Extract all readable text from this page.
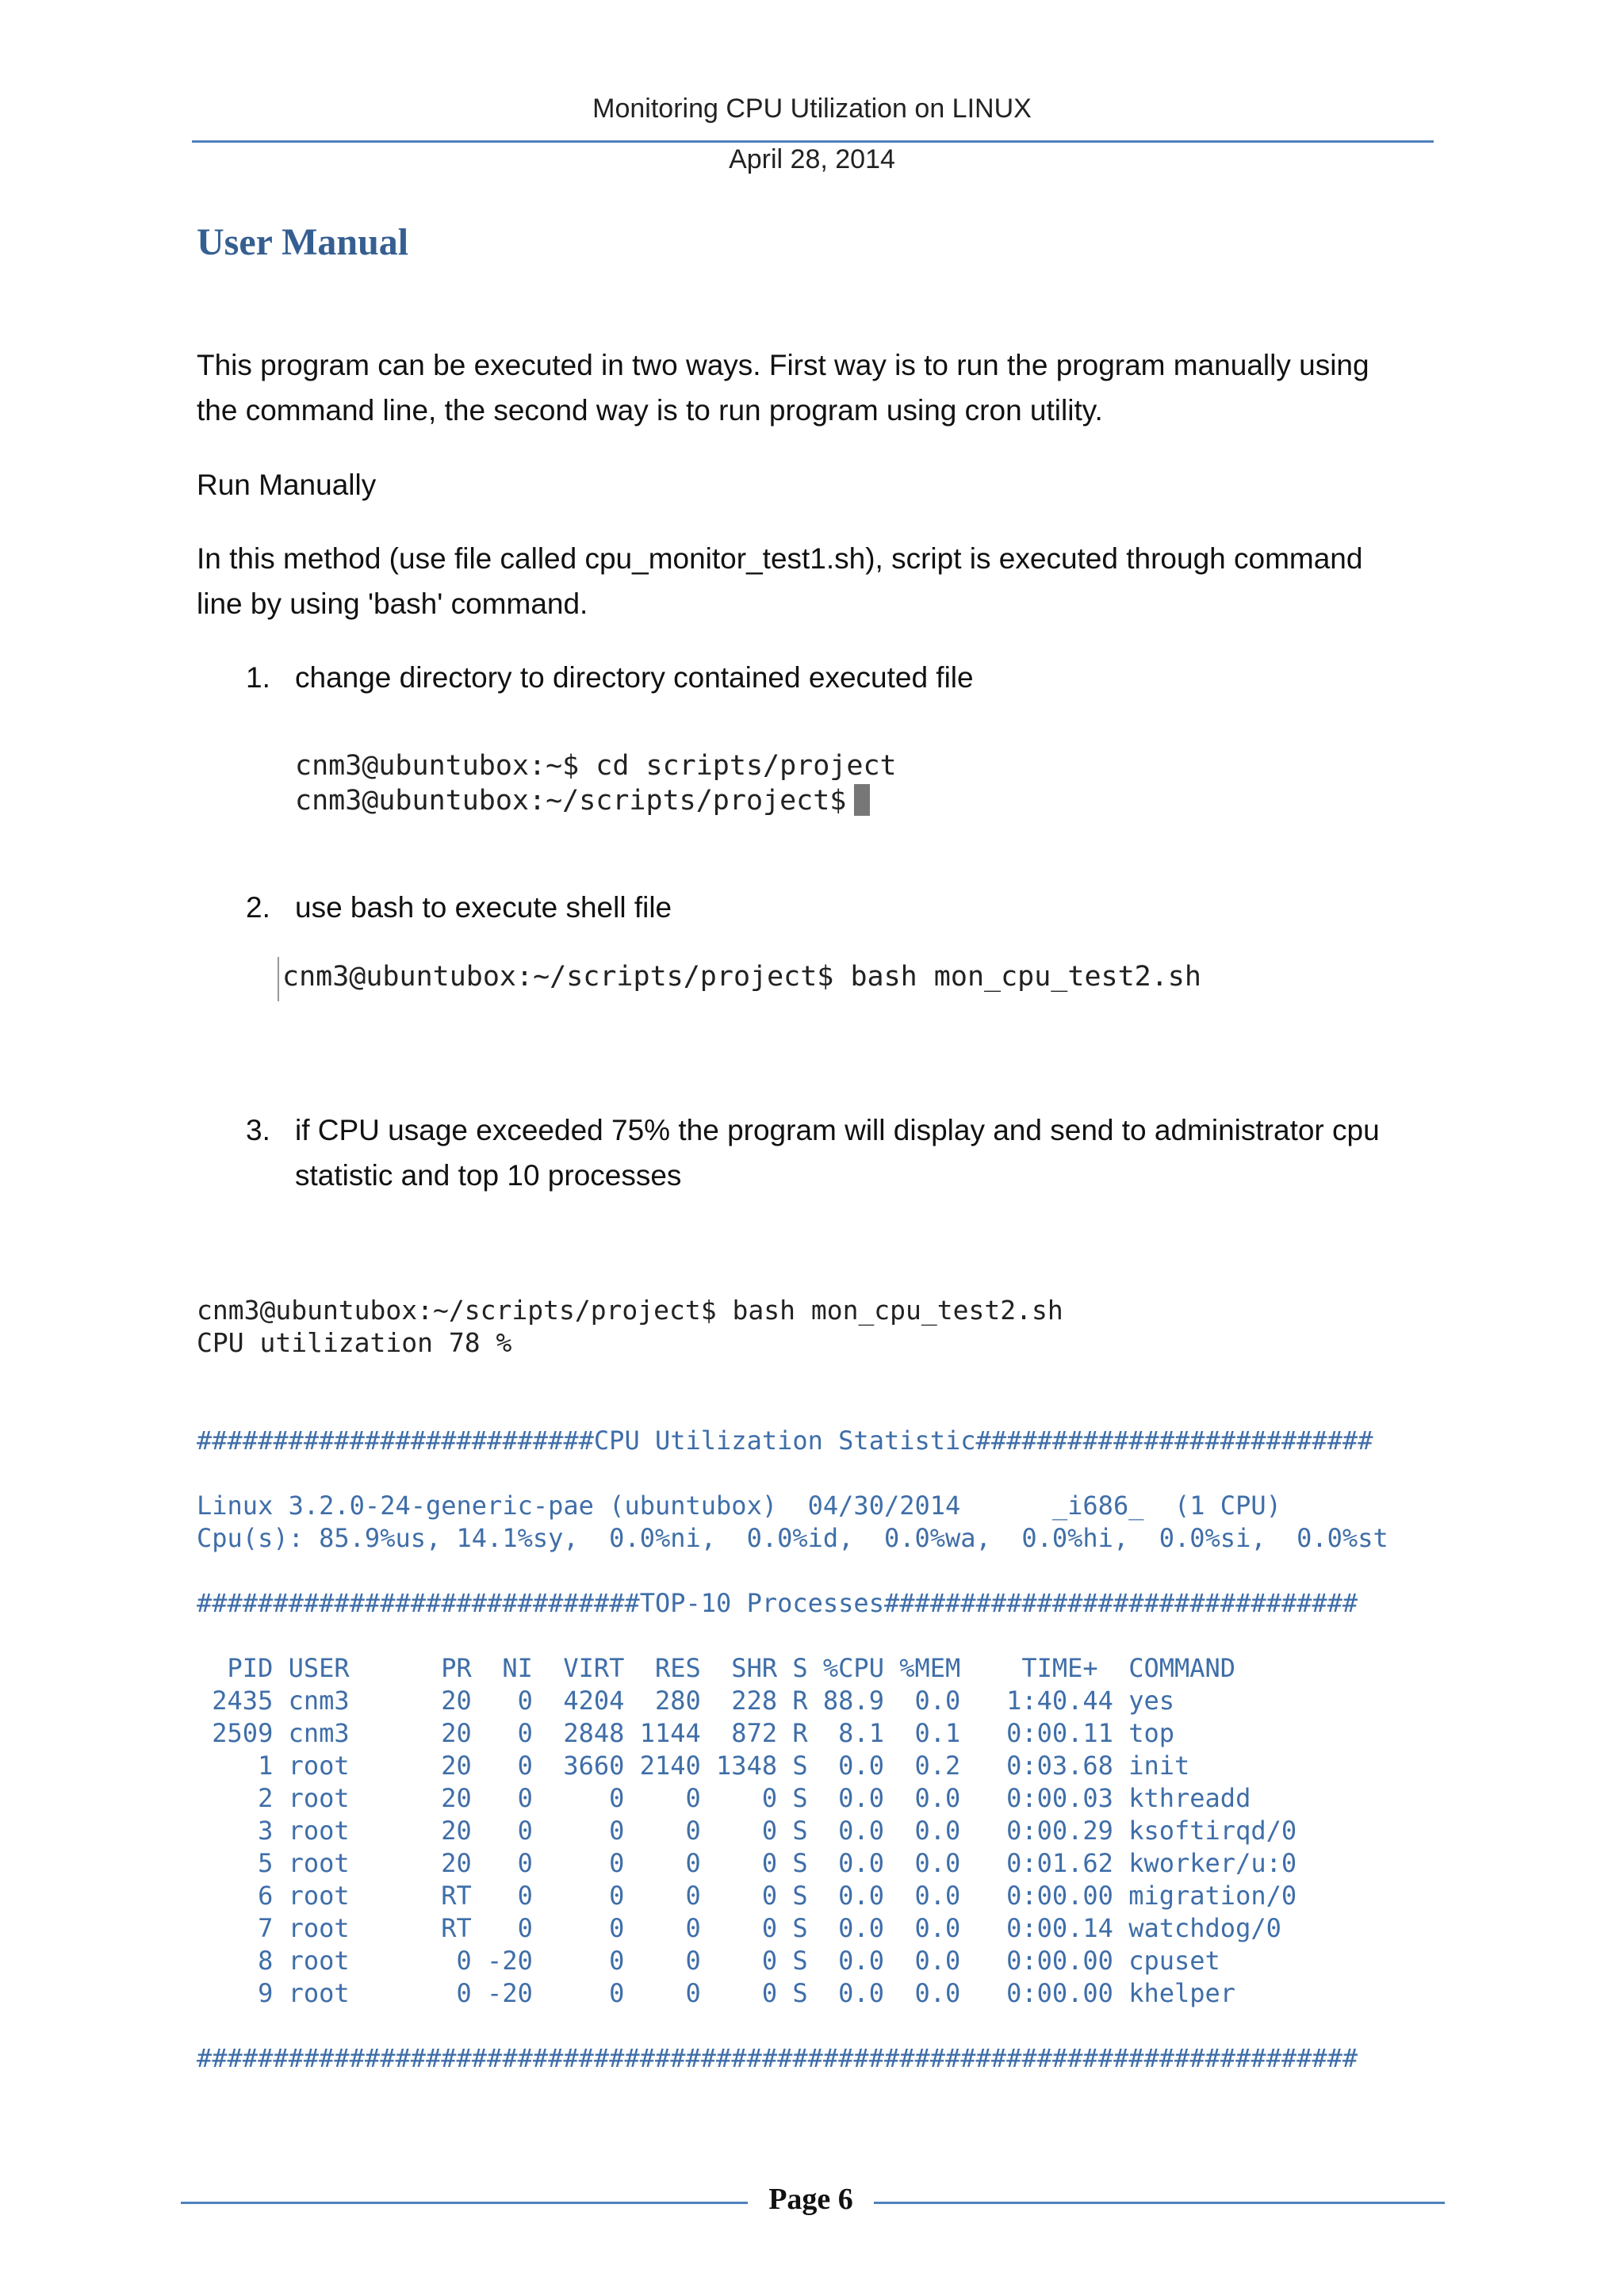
Monitoring CPU Utilization on LINUX
April 28, 2014
User Manual
This program can be executed in two ways. First way is to run the program manually using
the command line, the second way is to run program using cron utility.
Run Manually
In this method (use file called cpu_monitor_test1.sh), script is executed through command
line by using 'bash' command.
1. change directory to directory contained executed file
cnm3@ubuntubox:~$ cd scripts/project
cnm3@ubuntubox:~/scripts/project$
2. use bash to execute shell file
cnm3@ubuntubox:~/scripts/project$ bash mon_cpu_test2.sh
3. if CPU usage exceeded 75% the program will display and send to administrator cpu
statistic and top 10 processes
cnm3@ubuntubox:~/scripts/project$ bash mon_cpu_test2.sh
CPU utilization 78 %
##########################CPU Utilization Statistic##########################
Linux 3.2.0-24-generic-pae (ubuntubox)  04/30/2014      _i686_  (1 CPU)
Cpu(s): 85.9%us, 14.1%sy,  0.0%ni,  0.0%id,  0.0%wa,  0.0%hi,  0.0%si,  0.0%st
#############################TOP-10 Processes###############################
PID USER      PR  NI  VIRT  RES  SHR S %CPU %MEM    TIME+  COMMAND
2435 cnm3      20   0  4204  280  228 R 88.9  0.0   1:40.44 yes
2509 cnm3      20   0  2848 1144  872 R  8.1  0.1   0:00.11 top
1 root      20   0  3660 2140 1348 S  0.0  0.2   0:03.68 init
2 root      20   0     0    0    0 S  0.0  0.0   0:00.03 kthreadd
3 root      20   0     0    0    0 S  0.0  0.0   0:00.29 ksoftirqd/0
5 root      20   0     0    0    0 S  0.0  0.0   0:01.62 kworker/u:0
6 root      RT   0     0    0    0 S  0.0  0.0   0:00.00 migration/0
7 root      RT   0     0    0    0 S  0.0  0.0   0:00.14 watchdog/0
8 root       0 -20     0    0    0 S  0.0  0.0   0:00.00 cpuset
9 root       0 -20     0    0    0 S  0.0  0.0   0:00.00 khelper
############################################################################
Page 6
